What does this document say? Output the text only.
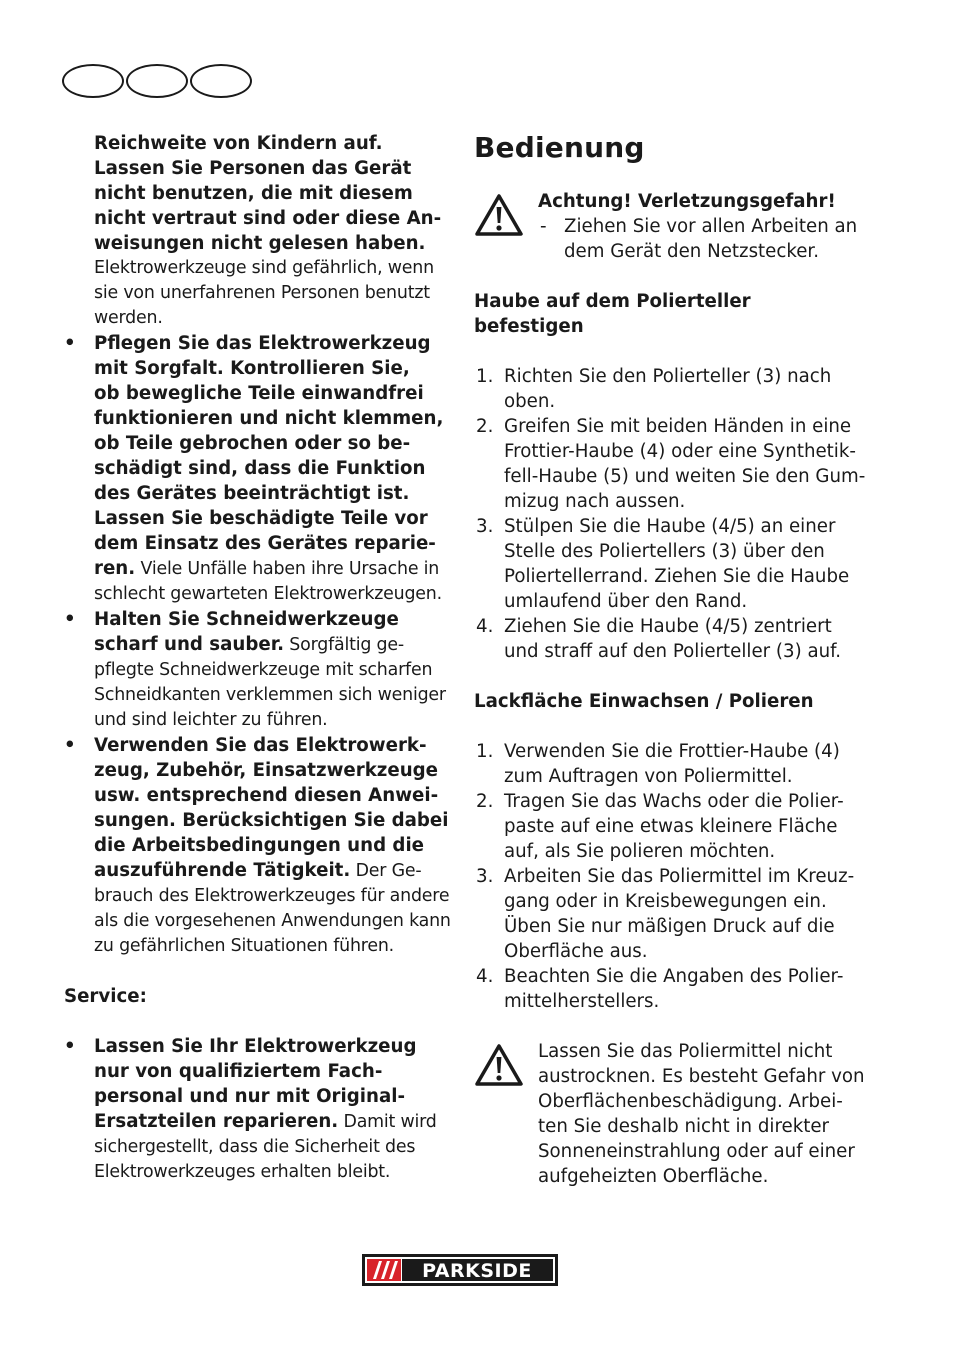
Reichweite von Kindern auf.
Lassen Sie Personen das Gerät
nicht benutzen, die mit diesem
nicht vertraut sind oder diese An-
weisungen nicht gelesen haben.
Elektrowerkzeuge sind gefährlich, wenn
sie von unerfahrenen Personen benutzt
werden.
• Pflegen Sie das Elektrowerkzeug
mit Sorgfalt. Kontrollieren Sie,
ob bewegliche Teile einwandfrei
funktionieren und nicht klemmen,
ob Teile gebrochen oder so be-
schädigt sind, dass die Funktion
des Gerätes beeinträchtigt ist.
Lassen Sie beschädigte Teile vor
dem Einsatz des Gerätes reparie-
ren. Viele Unfälle haben ihre Ursache in
schlecht gewarteten Elektrowerkzeugen.
• Halten Sie Schneidwerkzeuge
scharf und sauber. Sorgfältig ge-
pflegte Schneidwerkzeuge mit scharfen
Schneidkanten verklemmen sich weniger
und sind leichter zu führen.
• Verwenden Sie das Elektrowerk-
zeug, Zubehör, Einsatzwerkzeuge
usw. entsprechend diesen Anwei-
sungen. Berücksichtigen Sie dabei
die Arbeitsbedingungen und die
auszuführende Tätigkeit. Der Ge-
brauch des Elektrowerkzeuges für andere
als die vorgesehenen Anwendungen kann
zu gefährlichen Situationen führen.
Service:
• Lassen Sie Ihr Elektrowerkzeug
nur von qualifiziertem Fach-
personal und nur mit Original-
Ersatzteilen reparieren. Damit wird
sichergestellt, dass die Sicherheit des
Elektrowerkzeuges erhalten bleibt.
Bedienung
Achtung! Verletzungsgefahr!
- Ziehen Sie vor allen Arbeiten an
dem Gerät den Netzstecker.
Haube auf dem Polierteller
befestigen
1. Richten Sie den Polierteller (3) nach
oben.
2. Greifen Sie mit beiden Händen in eine
Frottier-Haube (4) oder eine Synthetik-
fell-Haube (5) und weiten Sie den Gum-
mizug nach aussen.
3. Stülpen Sie die Haube (4/5) an einer
Stelle des Poliertellers (3) über den
Poliertellerrand. Ziehen Sie die Haube
umlaufend über den Rand.
4. Ziehen Sie die Haube (4/5) zentriert
und straff auf den Polierteller (3) auf.
Lackfläche Einwachsen / Polieren
1. Verwenden Sie die Frottier-Haube (4)
zum Auftragen von Poliermittel.
2. Tragen Sie das Wachs oder die Polier-
paste auf eine etwas kleinere Fläche
auf, als Sie polieren möchten.
3. Arbeiten Sie das Poliermittel im Kreuz-
gang oder in Kreisbewegungen ein.
Üben Sie nur mäßigen Druck auf die
Oberfläche aus.
4. Beachten Sie die Angaben des Polier-
mittelherstellers.
Lassen Sie das Poliermittel nicht
austrocknen. Es besteht Gefahr von
Oberflächenbeschädigung. Arbei-
ten Sie deshalb nicht in direkter
Sonneneinstrahlung oder auf einer
aufgeheizten Oberfläche.
PARKSIDE
